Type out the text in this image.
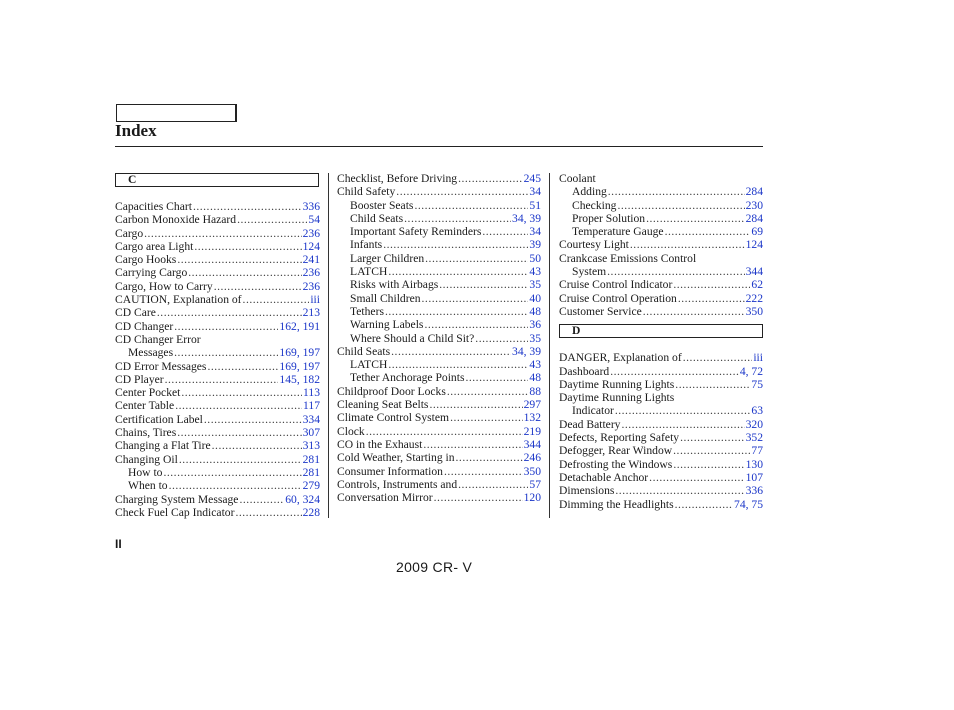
Index
C
Capacities Chart .....	336
Carbon Monoxide Hazard .....	54
Cargo .....	236
Cargo area Light .....	124
Cargo Hooks .....	241
Carrying Cargo .....	236
Cargo, How to Carry .....	236
CAUTION, Explanation of .....	iii
CD Care .....	213
CD Changer .....	162, 191
CD Changer Error
Messages .....	169, 197
CD Error Messages .....	169, 197
CD Player .....	145, 182
Center Pocket .....	113
Center Table .....	117
Certification Label .....	334
Chains, Tires .....	307
Changing a Flat Tire .....	313
Changing Oil .....	281
How to .....	281
When to .....	279
Charging System Message .....	60, 324
Check Fuel Cap Indicator .....	228
Checklist, Before Driving .....	245
Child Safety .....	34
Booster Seats .....	51
Child Seats .....	34, 39
Important Safety Reminders .....	34
Infants .....	39
Larger Children .....	50
LATCH .....	43
Risks with Airbags .....	35
Small Children .....	40
Tethers .....	48
Warning Labels .....	36
Where Should a Child Sit? .....	35
Child Seats .....	34, 39
LATCH .....	43
Tether Anchorage Points .....	48
Childproof Door Locks .....	88
Cleaning Seat Belts .....	297
Climate Control System .....	132
Clock .....	219
CO in the Exhaust .....	344
Cold Weather, Starting in .....	246
Consumer Information .....	350
Controls, Instruments and .....	57
Conversation Mirror .....	120
Coolant
Adding .....	284
Checking .....	230
Proper Solution .....	284
Temperature Gauge .....	69
Courtesy Light .....	124
Crankcase Emissions Control
System .....	344
Cruise Control Indicator .....	62
Cruise Control Operation .....	222
Customer Service .....	350
D
DANGER, Explanation of .....	iii
Dashboard .....	4, 72
Daytime Running Lights .....	75
Daytime Running Lights
Indicator .....	63
Dead Battery .....	320
Defects, Reporting Safety .....	352
Defogger, Rear Window .....	77
Defrosting the Windows .....	130
Detachable Anchor .....	107
Dimensions .....	336
Dimming the Headlights .....	74, 75
II
2009 CR- V
